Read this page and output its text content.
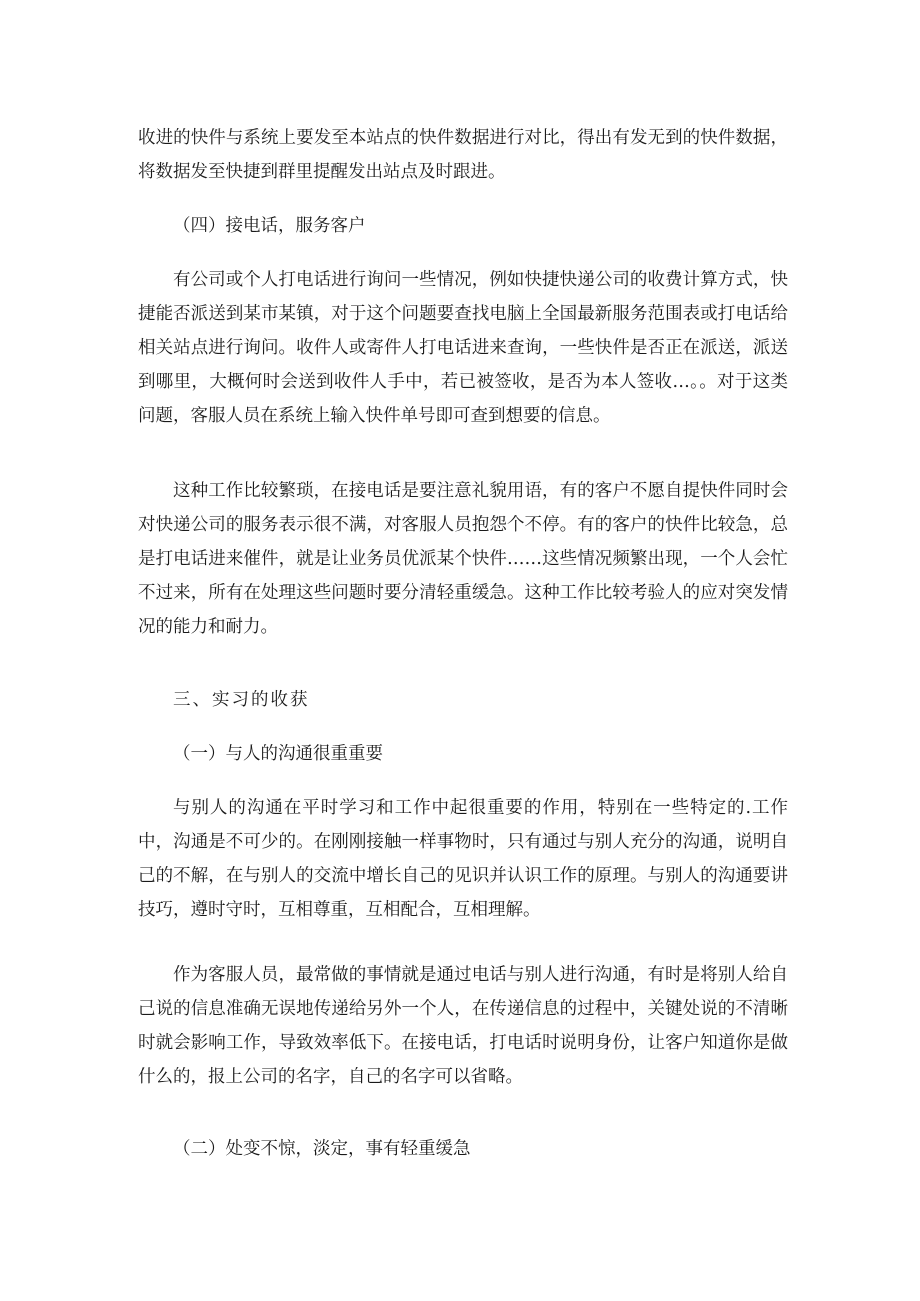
收进的快件与系统上要发至本站点的快件数据进行对比，得出有发无到的快件数据，将数据发至快捷到群里提醒发出站点及时跟进。

（四）接电话，服务客户

有公司或个人打电话进行询问一些情况，例如快捷快递公司的收费计算方式，快捷能否派送到某市某镇，对于这个问题要查找电脑上全国最新服务范围表或打电话给相关站点进行询问。收件人或寄件人打电话进来查询，一些快件是否正在派送，派送到哪里，大概何时会送到收件人手中，若已被签收，是否为本人签收…。。对于这类问题，客服人员在系统上输入快件单号即可查到想要的信息。

这种工作比较繁琐，在接电话是要注意礼貌用语，有的客户不愿自提快件同时会对快递公司的服务表示很不满，对客服人员抱怨个不停。有的客户的快件比较急，总是打电话进来催件，就是让业务员优派某个快件……这些情况频繁出现，一个人会忙不过来，所有在处理这些问题时要分清轻重缓急。这种工作比较考验人的应对突发情况的能力和耐力。

三、实习的收获

（一）与人的沟通很重重要

与别人的沟通在平时学习和工作中起很重要的作用，特别在一些特定的.工作中，沟通是不可少的。在刚刚接触一样事物时，只有通过与别人充分的沟通，说明自己的不解，在与别人的交流中增长自己的见识并认识工作的原理。与别人的沟通要讲技巧，遵时守时，互相尊重，互相配合，互相理解。

作为客服人员，最常做的事情就是通过电话与别人进行沟通，有时是将别人给自己说的信息准确无误地传递给另外一个人，在传递信息的过程中，关键处说的不清晰时就会影响工作，导致效率低下。在接电话，打电话时说明身份，让客户知道你是做什么的，报上公司的名字，自己的名字可以省略。

（二）处变不惊，淡定，事有轻重缓急
